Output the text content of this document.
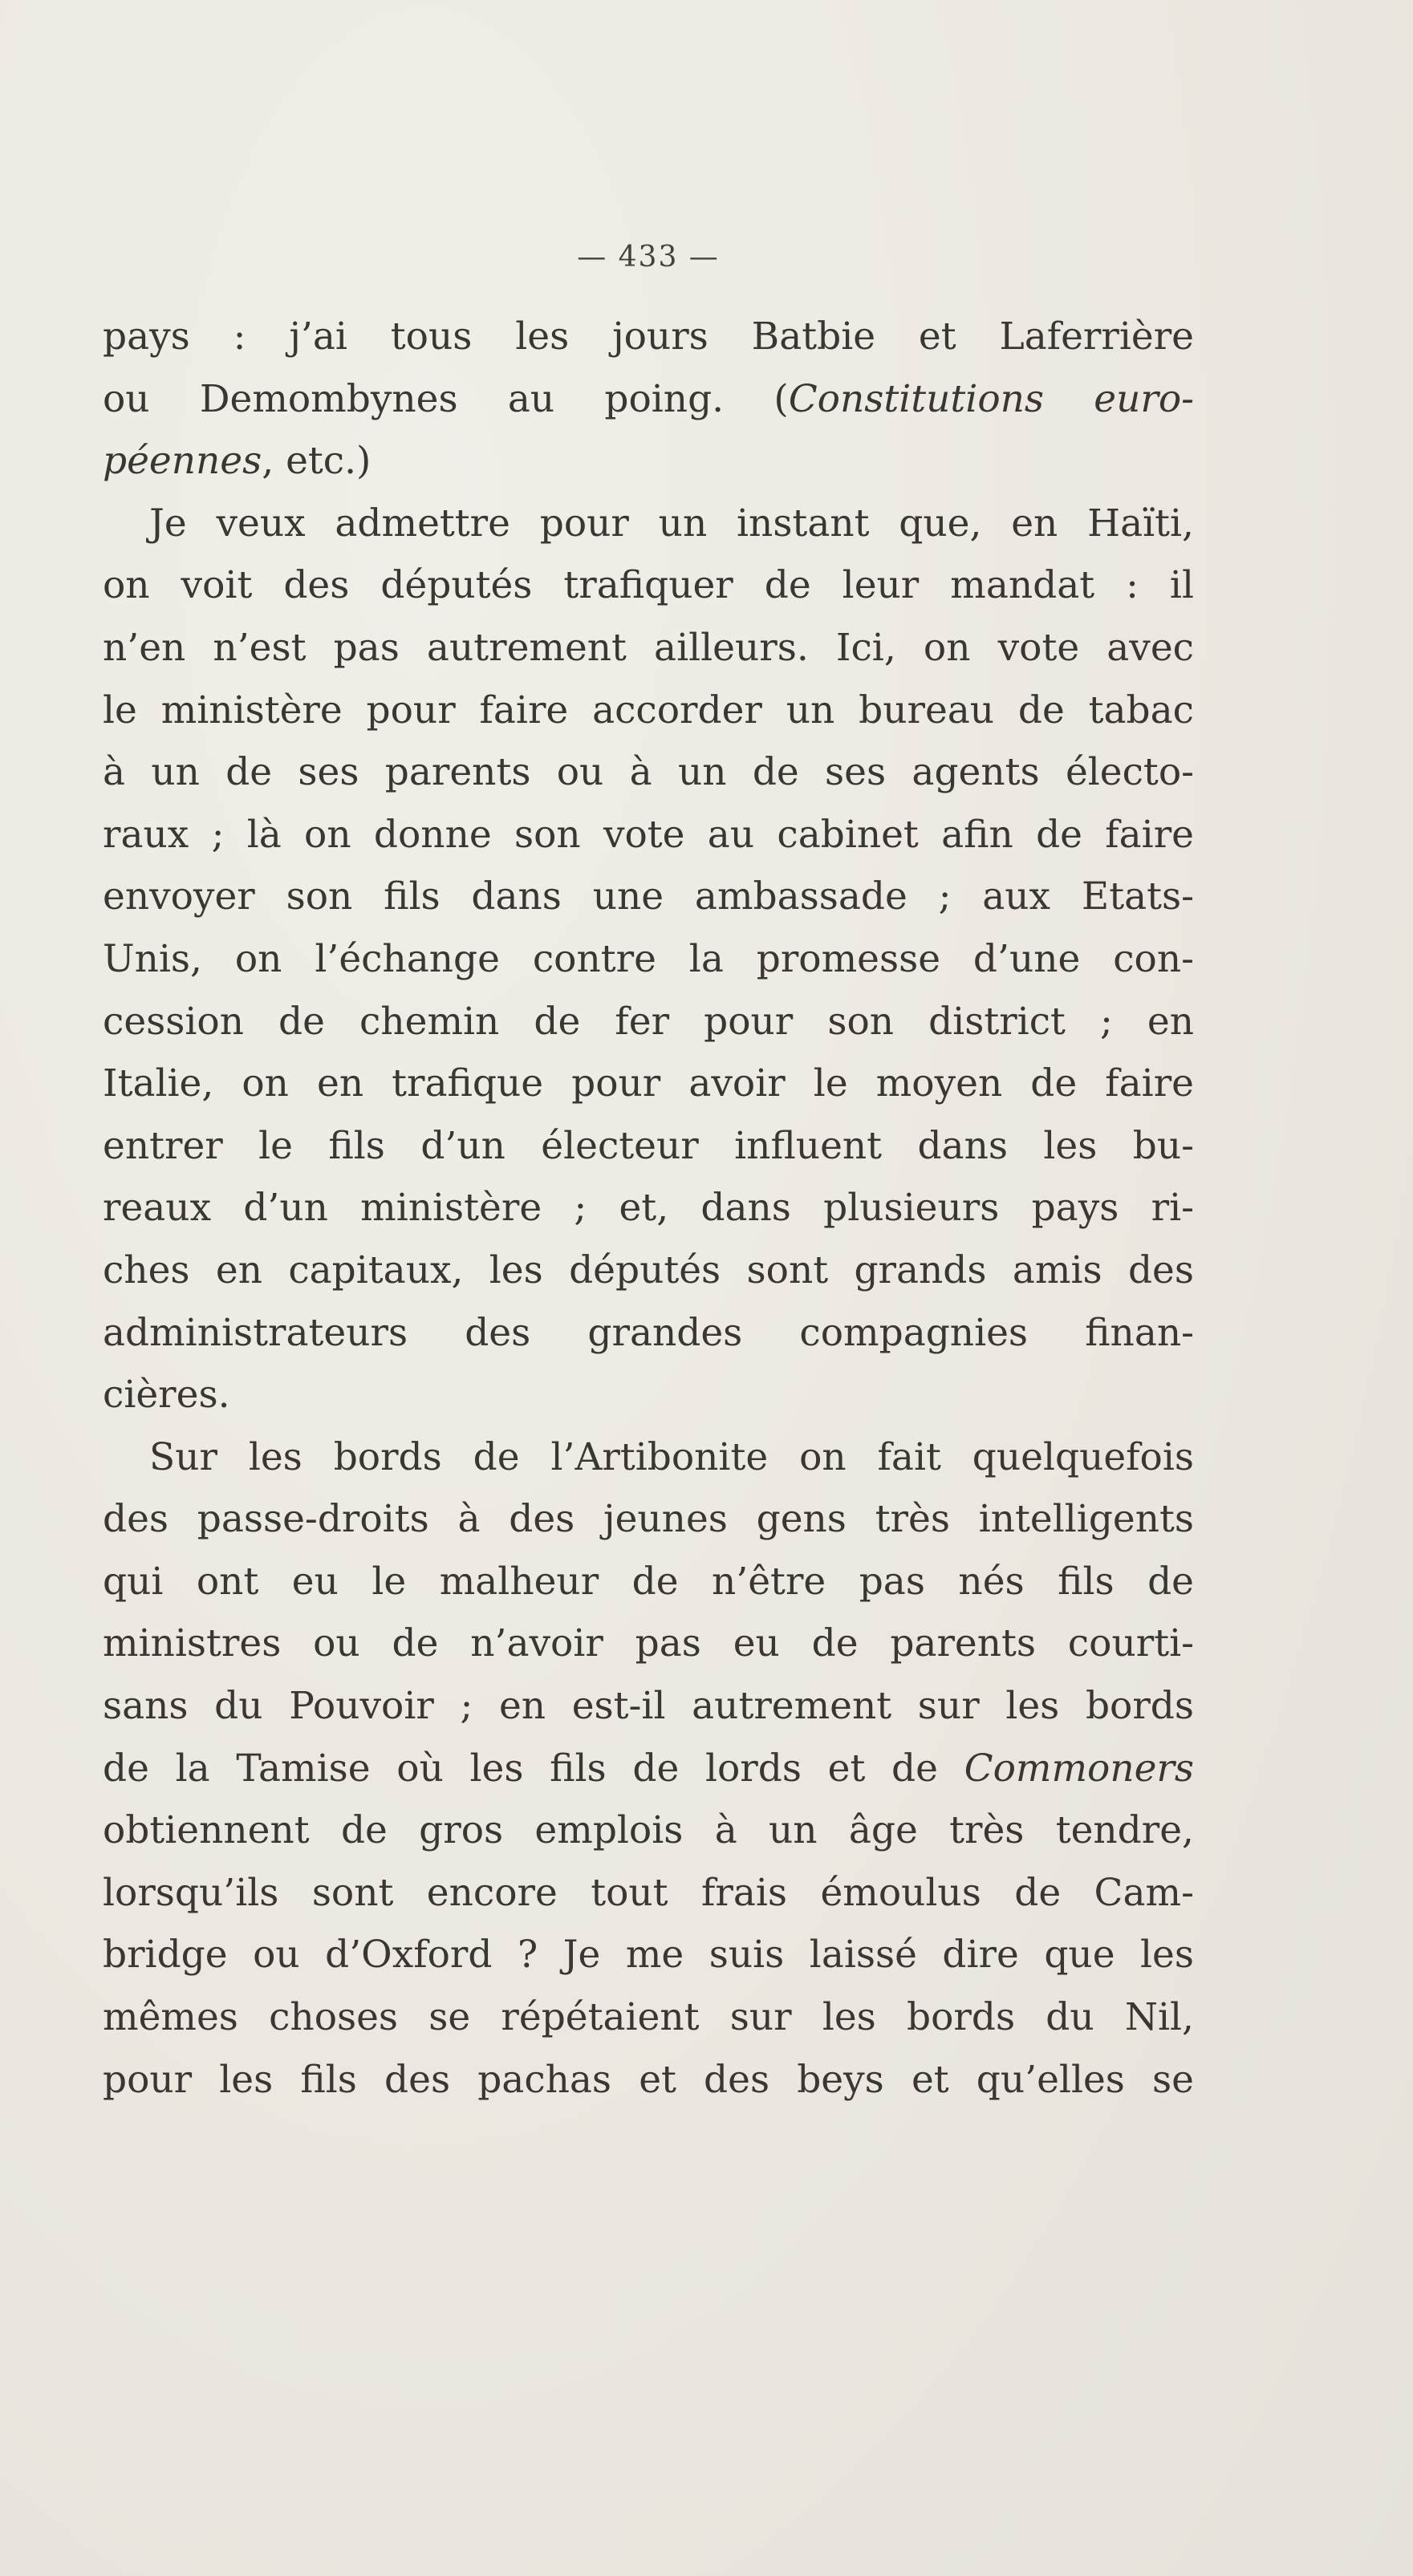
— 433 —
pays : j’ai tous les jours Batbie et Laferrière
ou Demombynes au poing. (Constitutions euro-
péennes, etc.)
Je veux admettre pour un instant que, en Haïti,
on voit des députés trafiquer de leur mandat : il
n’en n’est pas autrement ailleurs. Ici, on vote avec
le ministère pour faire accorder un bureau de tabac
à un de ses parents ou à un de ses agents électo-
raux ; là on donne son vote au cabinet afin de faire
envoyer son fils dans une ambassade ; aux Etats-
Unis, on l’échange contre la promesse d’une con-
cession de chemin de fer pour son district ; en
Italie, on en trafique pour avoir le moyen de faire
entrer le fils d’un électeur influent dans les bu-
reaux d’un ministère ; et, dans plusieurs pays ri-
ches en capitaux, les députés sont grands amis des
administrateurs des grandes compagnies finan-
cières.
Sur les bords de l’Artibonite on fait quelquefois
des passe-droits à des jeunes gens très intelligents
qui ont eu le malheur de n’être pas nés fils de
ministres ou de n’avoir pas eu de parents courti-
sans du Pouvoir ; en est-il autrement sur les bords
de la Tamise où les fils de lords et de Commoners
obtiennent de gros emplois à un âge très tendre,
lorsqu’ils sont encore tout frais émoulus de Cam-
bridge ou d’Oxford ? Je me suis laissé dire que les
mêmes choses se répétaient sur les bords du Nil,
pour les fils des pachas et des beys et qu’elles se
